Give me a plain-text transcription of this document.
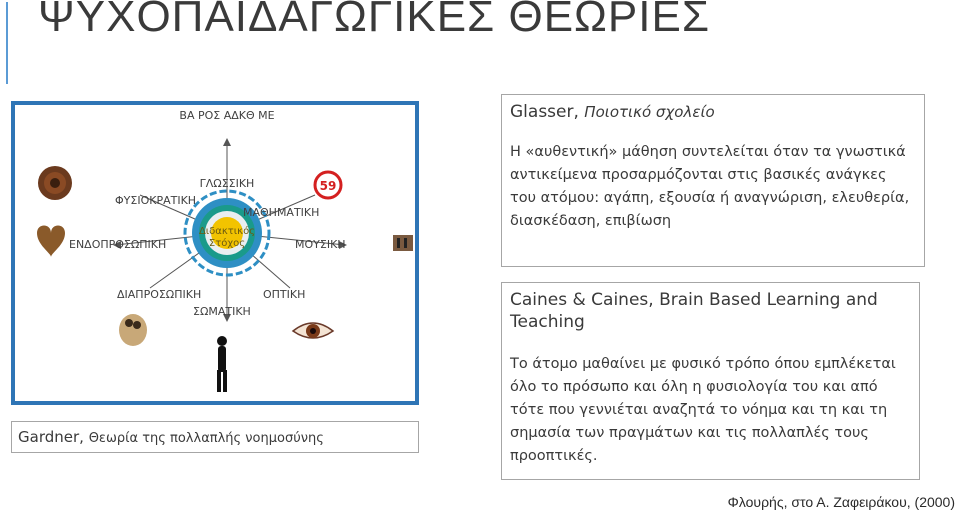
ΨΥΧΟΠΑΙΔΑΓΩΓΙΚΕΣ ΘΕΩΡΙΕΣ
Διδακτικός
Στόχος
ΒΑ ΡΟΣ ΑΔΚΘ ΜΕ
ΓΛΩΣΣΙΚΗ
ΦΥΣΙΟΚΡΑΤΙΚΗ
ΜΑΘΗΜΑΤΙΚΗ
ΕΝΔΟΠΡΟΣΩΠΙΚΗ	ΜΟΥΣΙΚΗ
ΔΙΑΠΡΟΣΩΠΙΚΗ	ΟΠΤΙΚΗ
ΣΩΜΑΤΙΚΗ
59
Gardner, Θεωρία της πολλαπλής νοημοσύνης
Glasser, Ποιοτικό σχολείο
Η «αυθεντική» μάθηση συντελείται όταν τα γνωστικά αντικείμενα προσαρμόζονται στις βασικές ανάγκες του ατόμου: αγάπη, εξουσία ή αναγνώριση, ελευθερία, διασκέδαση, επιβίωση
Caines & Caines, Brain Based Learning and Teaching
Το άτομο μαθαίνει με φυσικό τρόπο όπου εμπλέκεται όλο το πρόσωπο και όλη η φυσιολογία του και από τότε που γεννιέται αναζητά το νόημα και τη και τη σημασία των πραγμάτων και τις πολλαπλές τους προοπτικές.
Φλουρής, στο Α. Ζαφειράκου, (2000)
